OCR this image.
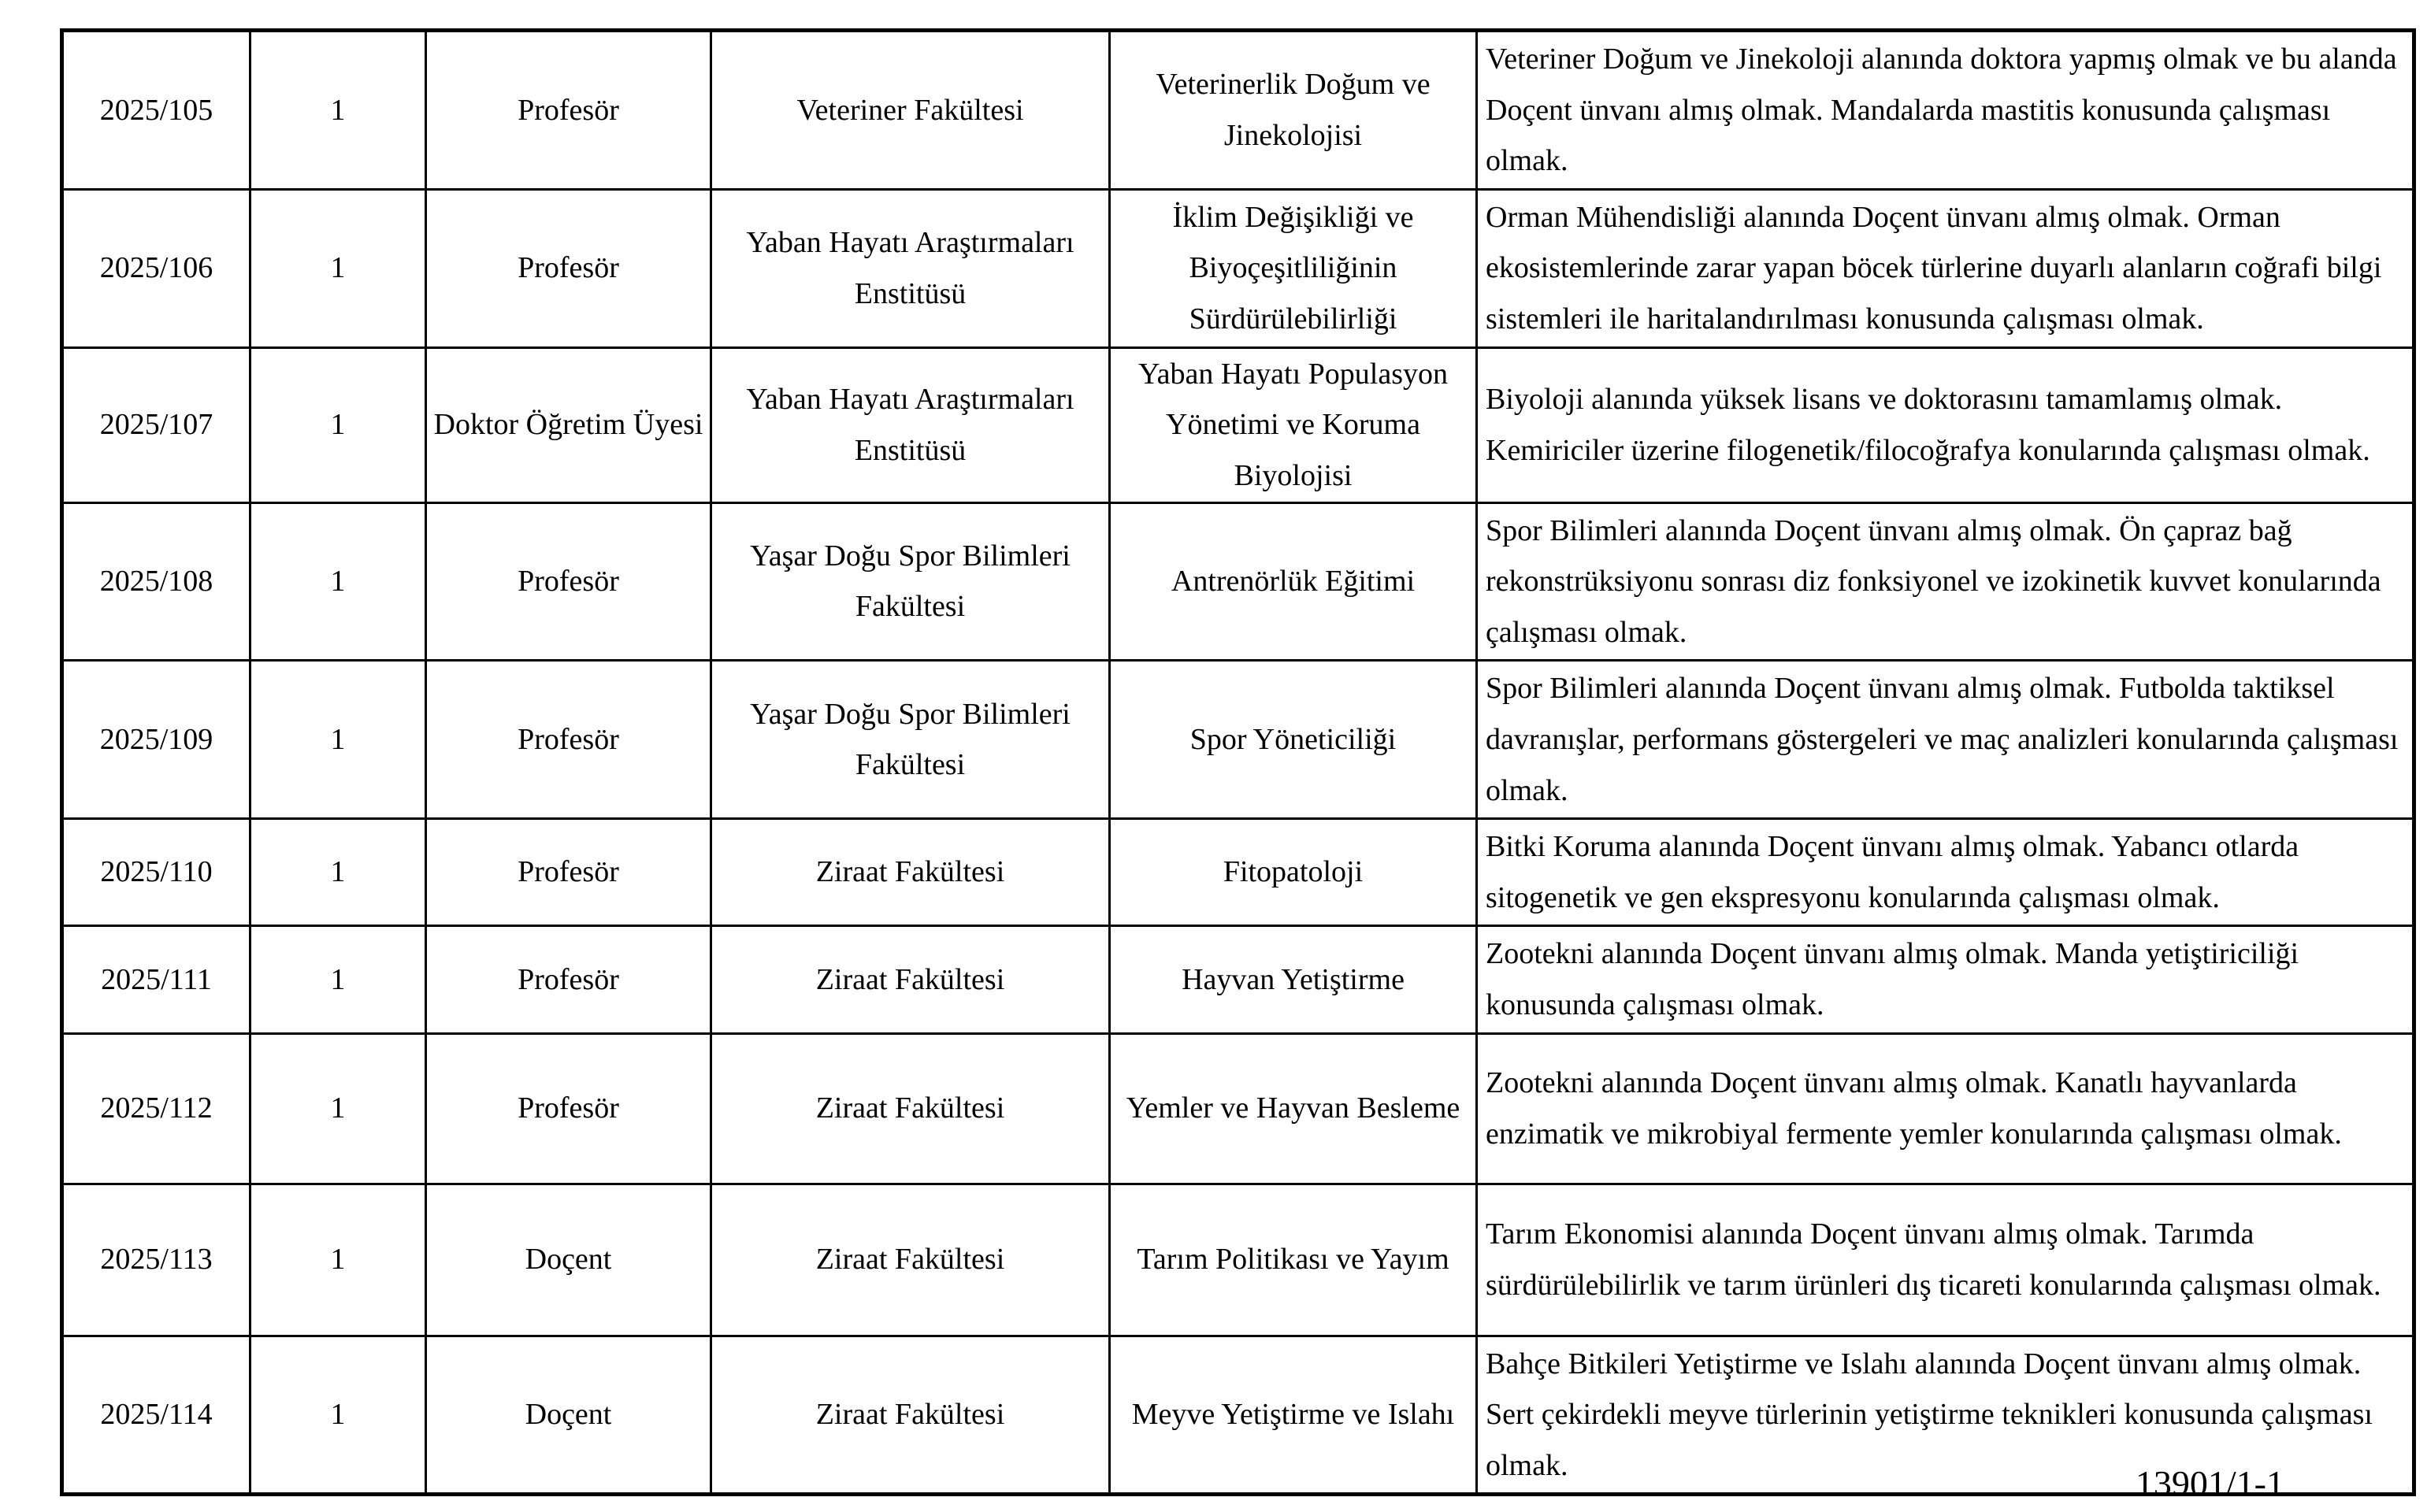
2025/105	1	Profesör	Veteriner Fakültesi	Veterinerlik Doğum ve Jinekolojisi	Veteriner Doğum ve Jinekoloji alanında doktora yapmış olmak ve bu alanda Doçent ünvanı almış olmak. Mandalarda mastitis konusunda çalışması olmak.
2025/106	1	Profesör	Yaban Hayatı Araştırmaları Enstitüsü	İklim Değişikliği ve Biyoçeşitliliğinin Sürdürülebilirliği	Orman Mühendisliği alanında Doçent ünvanı almış olmak. Orman ekosistemlerinde zarar yapan böcek türlerine duyarlı alanların coğrafi bilgi sistemleri ile haritalandırılması konusunda çalışması olmak.
2025/107	1	Doktor Öğretim Üyesi	Yaban Hayatı Araştırmaları Enstitüsü	Yaban Hayatı Populasyon Yönetimi ve Koruma Biyolojisi	Biyoloji alanında yüksek lisans ve doktorasını tamamlamış olmak. Kemiriciler üzerine filogenetik/filocoğrafya konularında çalışması olmak.
2025/108	1	Profesör	Yaşar Doğu Spor Bilimleri Fakültesi	Antrenörlük Eğitimi	Spor Bilimleri alanında Doçent ünvanı almış olmak. Ön çapraz bağ rekonstrüksiyonu sonrası diz fonksiyonel ve izokinetik kuvvet konularında çalışması olmak.
2025/109	1	Profesör	Yaşar Doğu Spor Bilimleri Fakültesi	Spor Yöneticiliği	Spor Bilimleri alanında Doçent ünvanı almış olmak. Futbolda taktiksel davranışlar, performans göstergeleri ve maç analizleri konularında çalışması olmak.
2025/110	1	Profesör	Ziraat Fakültesi	Fitopatoloji	Bitki Koruma alanında Doçent ünvanı almış olmak. Yabancı otlarda sitogenetik ve gen ekspresyonu konularında çalışması olmak.
2025/111	1	Profesör	Ziraat Fakültesi	Hayvan Yetiştirme	Zootekni alanında Doçent ünvanı almış olmak. Manda yetiştiriciliği konusunda çalışması olmak.
2025/112	1	Profesör	Ziraat Fakültesi	Yemler ve Hayvan Besleme	Zootekni alanında Doçent ünvanı almış olmak. Kanatlı hayvanlarda enzimatik ve mikrobiyal fermente yemler konularında çalışması olmak.
2025/113	1	Doçent	Ziraat Fakültesi	Tarım Politikası ve Yayım	Tarım Ekonomisi alanında Doçent ünvanı almış olmak. Tarımda sürdürülebilirlik ve tarım ürünleri dış ticareti konularında çalışması olmak.
2025/114	1	Doçent	Ziraat Fakültesi	Meyve Yetiştirme ve Islahı	Bahçe Bitkileri Yetiştirme ve Islahı alanında Doçent ünvanı almış olmak. Sert çekirdekli meyve türlerinin yetiştirme teknikleri konusunda çalışması olmak.	13901/1-1
